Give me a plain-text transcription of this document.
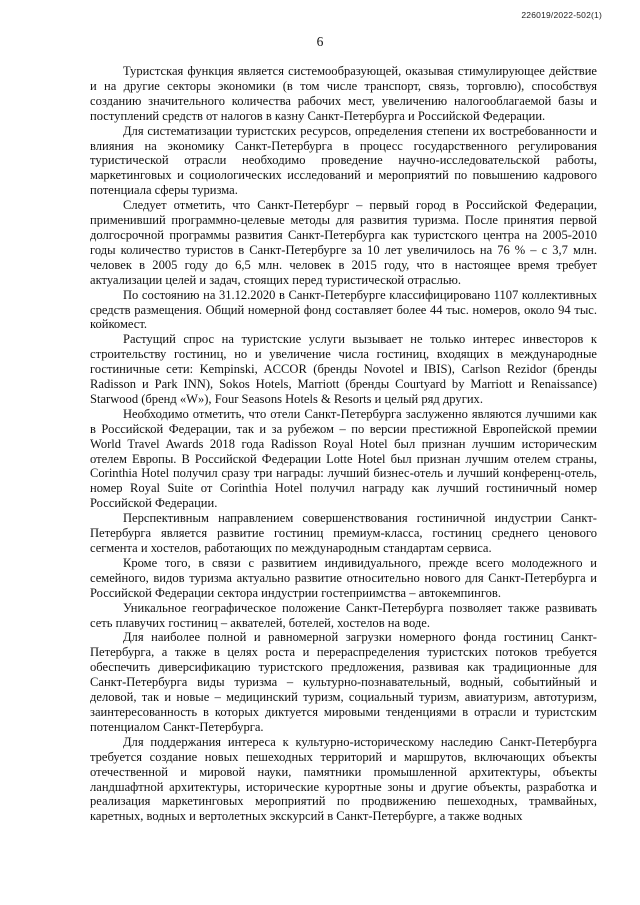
226019/2022-502(1)
6

Туристская функция является системообразующей, оказывая стимулирующее действие и на другие секторы экономики (в том числе транспорт, связь, торговлю), способствуя созданию значительного количества рабочих мест, увеличению налогооблагаемой базы и поступлений средств от налогов в казну Санкт-Петербурга и Российской Федерации.

Для систематизации туристских ресурсов, определения степени их востребованности и влияния на экономику Санкт-Петербурга в процесс государственного регулирования туристической отрасли необходимо проведение научно-исследовательской работы, маркетинговых и социологических исследований и мероприятий по повышению кадрового потенциала сферы туризма.

Следует отметить, что Санкт-Петербург – первый город в Российской Федерации, применивший программно-целевые методы для развития туризма. После принятия первой долгосрочной программы развития Санкт-Петербурга как туристского центра на 2005-2010 годы количество туристов в Санкт-Петербурге за 10 лет увеличилось на 76 % – с 3,7 млн. человек в 2005 году до 6,5 млн. человек в 2015 году, что в настоящее время требует актуализации целей и задач, стоящих перед туристической отраслью.

По состоянию на 31.12.2020 в Санкт-Петербурге классифицировано 1107 коллективных средств размещения. Общий номерной фонд составляет более 44 тыс. номеров, около 94 тыс. койкомест.

Растущий спрос на туристские услуги вызывает не только интерес инвесторов к строительству гостиниц, но и увеличение числа гостиниц, входящих в международные гостиничные сети: Kempinski, ACCOR (бренды Novotel и IBIS), Carlson Rezidor (бренды Radisson и Park INN), Sokos Hotels, Marriott (бренды Courtyard by Marriott и Renaissance) Starwood (бренд «W»), Four Seasons Hotels & Resorts и целый ряд других.

Необходимо отметить, что отели Санкт-Петербурга заслуженно являются лучшими как в Российской Федерации, так и за рубежом – по версии престижной Европейской премии World Travel Awards 2018 года Radisson Royal Hotel был признан лучшим историческим отелем Европы. В Российской Федерации Lotte Hotel был признан лучшим отелем страны, Corinthia Hotel получил сразу три награды: лучший бизнес-отель и лучший конференц-отель, номер Royal Suite от Corinthia Hotel получил награду как лучший гостиничный номер Российской Федерации.

Перспективным направлением совершенствования гостиничной индустрии Санкт-Петербурга является развитие гостиниц премиум-класса, гостиниц среднего ценового сегмента и хостелов, работающих по международным стандартам сервиса.

Кроме того, в связи с развитием индивидуального, прежде всего молодежного и семейного, видов туризма актуально развитие относительно нового для Санкт-Петербурга и Российской Федерации сектора индустрии гостеприимства – автокемпингов.

Уникальное географическое положение Санкт-Петербурга позволяет также развивать сеть плавучих гостиниц – аквателей, ботелей, хостелов на воде.

Для наиболее полной и равномерной загрузки номерного фонда гостиниц Санкт-Петербурга, а также в целях роста и перераспределения туристских потоков требуется обеспечить диверсификацию туристского предложения, развивая как традиционные для Санкт-Петербурга виды туризма – культурно-познавательный, водный, событийный и деловой, так и новые – медицинский туризм, социальный туризм, авиатуризм, автотуризм, заинтересованность в которых диктуется мировыми тенденциями в отрасли и туристским потенциалом Санкт-Петербурга.

Для поддержания интереса к культурно-историческому наследию Санкт-Петербурга требуется создание новых пешеходных территорий и маршрутов, включающих объекты отечественной и мировой науки, памятники промышленной архитектуры, объекты ландшафтной архитектуры, исторические курортные зоны и другие объекты, разработка и реализация маркетинговых мероприятий по продвижению пешеходных, трамвайных, каретных, водных и вертолетных экскурсий в Санкт-Петербурге, а также водных
